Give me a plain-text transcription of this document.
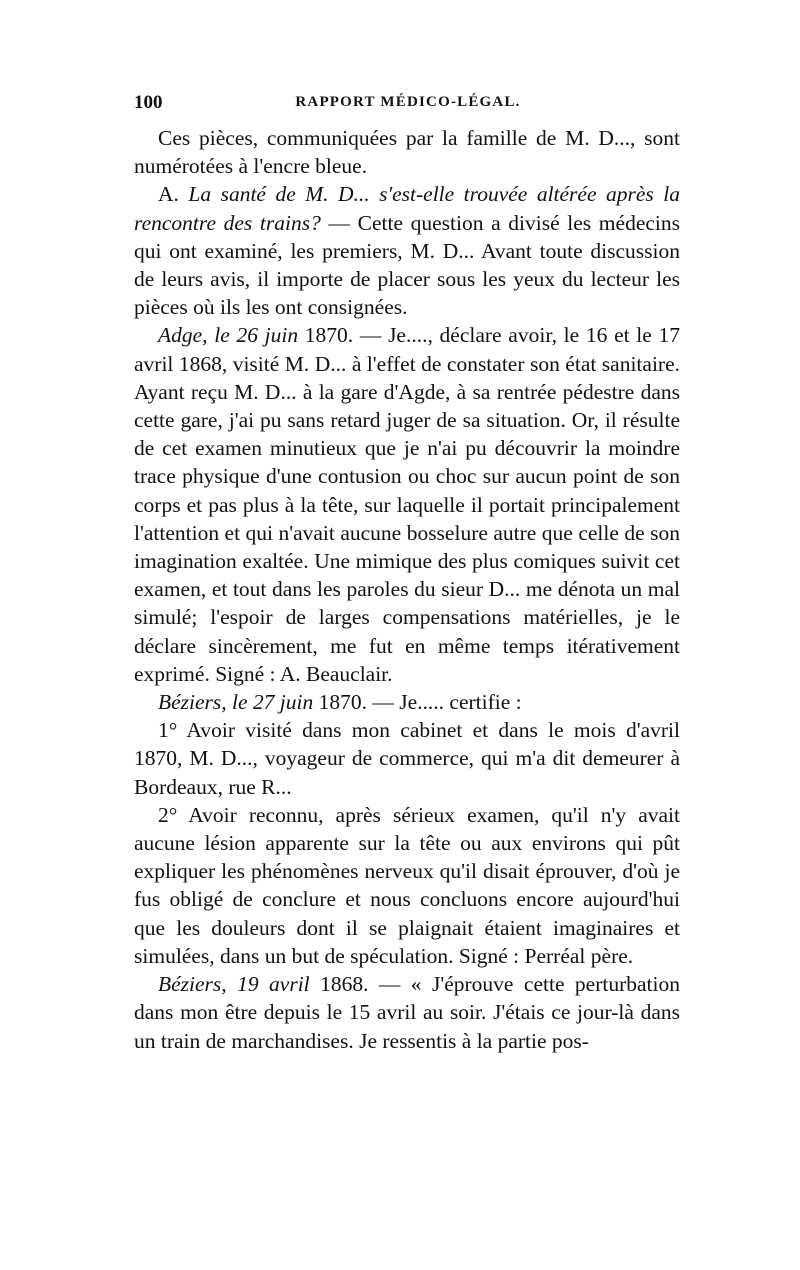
100	RAPPORT MÉDICO-LÉGAL.

Ces pièces, communiquées par la famille de M. D..., sont numérotées à l'encre bleue.

A. La santé de M. D... s'est-elle trouvée altérée après la rencontre des trains? — Cette question a divisé les médecins qui ont examiné, les premiers, M. D... Avant toute discussion de leurs avis, il importe de placer sous les yeux du lecteur les pièces où ils les ont consignées.

Adge, le 26 juin 1870. — Je...., déclare avoir, le 16 et le 17 avril 1868, visité M. D... à l'effet de constater son état sanitaire. Ayant reçu M. D... à la gare d'Agde, à sa rentrée pédestre dans cette gare, j'ai pu sans retard juger de sa situation. Or, il résulte de cet examen minutieux que je n'ai pu découvrir la moindre trace physique d'une contusion ou choc sur aucun point de son corps et pas plus à la tête, sur laquelle il portait principalement l'attention et qui n'avait aucune bosselure autre que celle de son imagination exaltée. Une mimique des plus comiques suivit cet examen, et tout dans les paroles du sieur D... me dénota un mal simulé; l'espoir de larges compensations matérielles, je le déclare sincèrement, me fut en même temps itérativement exprimé. Signé : A. Beauclair.

Béziers, le 27 juin 1870. — Je..... certifie :

1° Avoir visité dans mon cabinet et dans le mois d'avril 1870, M. D..., voyageur de commerce, qui m'a dit demeurer à Bordeaux, rue R...

2° Avoir reconnu, après sérieux examen, qu'il n'y avait aucune lésion apparente sur la tête ou aux environs qui pût expliquer les phénomènes nerveux qu'il disait éprouver, d'où je fus obligé de conclure et nous concluons encore aujourd'hui que les douleurs dont il se plaignait étaient imaginaires et simulées, dans un but de spéculation. Signé : Perréal père.

Béziers, 19 avril 1868. — « J'éprouve cette perturbation dans mon être depuis le 15 avril au soir. J'étais ce jour-là dans un train de marchandises. Je ressentis à la partie pos-
